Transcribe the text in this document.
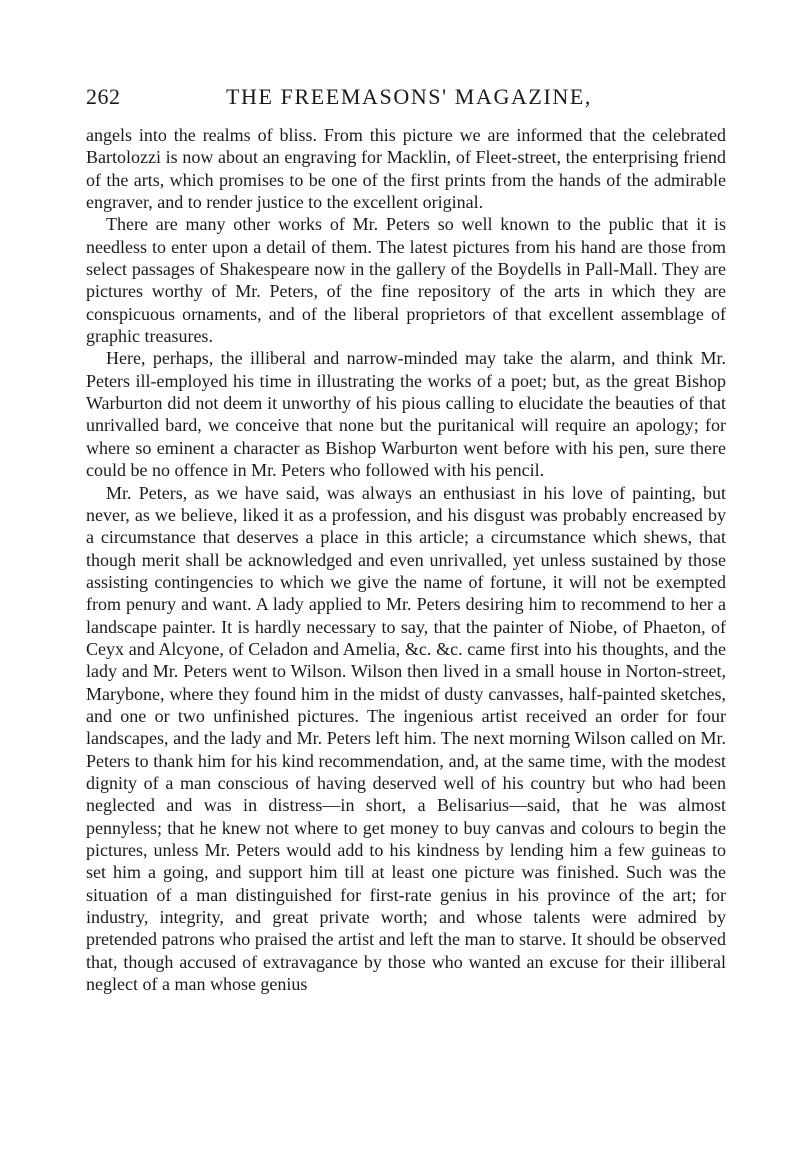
262	THE FREEMASONS' MAGAZINE,

angels into the realms of bliss. From this picture we are informed that the celebrated Bartolozzi is now about an engraving for Macklin, of Fleet-street, the enterprising friend of the arts, which promises to be one of the first prints from the hands of the admirable engraver, and to render justice to the excellent original.

There are many other works of Mr. Peters so well known to the public that it is needless to enter upon a detail of them. The latest pictures from his hand are those from select passages of Shakespeare now in the gallery of the Boydells in Pall-Mall. They are pictures worthy of Mr. Peters, of the fine repository of the arts in which they are conspicuous ornaments, and of the liberal proprietors of that excellent assemblage of graphic treasures.

Here, perhaps, the illiberal and narrow-minded may take the alarm, and think Mr. Peters ill-employed his time in illustrating the works of a poet; but, as the great Bishop Warburton did not deem it unworthy of his pious calling to elucidate the beauties of that unrivalled bard, we conceive that none but the puritanical will require an apology; for where so eminent a character as Bishop Warburton went before with his pen, sure there could be no offence in Mr. Peters who followed with his pencil.

Mr. Peters, as we have said, was always an enthusiast in his love of painting, but never, as we believe, liked it as a profession, and his disgust was probably encreased by a circumstance that deserves a place in this article; a circumstance which shews, that though merit shall be acknowledged and even unrivalled, yet unless sustained by those assisting contingencies to which we give the name of fortune, it will not be exempted from penury and want. A lady applied to Mr. Peters desiring him to recommend to her a landscape painter. It is hardly necessary to say, that the painter of Niobe, of Phaeton, of Ceyx and Alcyone, of Celadon and Amelia, &c. &c. came first into his thoughts, and the lady and Mr. Peters went to Wilson. Wilson then lived in a small house in Norton-street, Marybone, where they found him in the midst of dusty canvasses, half-painted sketches, and one or two unfinished pictures. The ingenious artist received an order for four landscapes, and the lady and Mr. Peters left him. The next morning Wilson called on Mr. Peters to thank him for his kind recommendation, and, at the same time, with the modest dignity of a man conscious of having deserved well of his country but who had been neglected and was in distress—in short, a Belisarius—said, that he was almost pennyless; that he knew not where to get money to buy canvas and colours to begin the pictures, unless Mr. Peters would add to his kindness by lending him a few guineas to set him a going, and support him till at least one picture was finished. Such was the situation of a man distinguished for first-rate genius in his province of the art; for industry, integrity, and great private worth; and whose talents were admired by pretended patrons who praised the artist and left the man to starve. It should be observed that, though accused of extravagance by those who wanted an excuse for their illiberal neglect of a man whose genius
